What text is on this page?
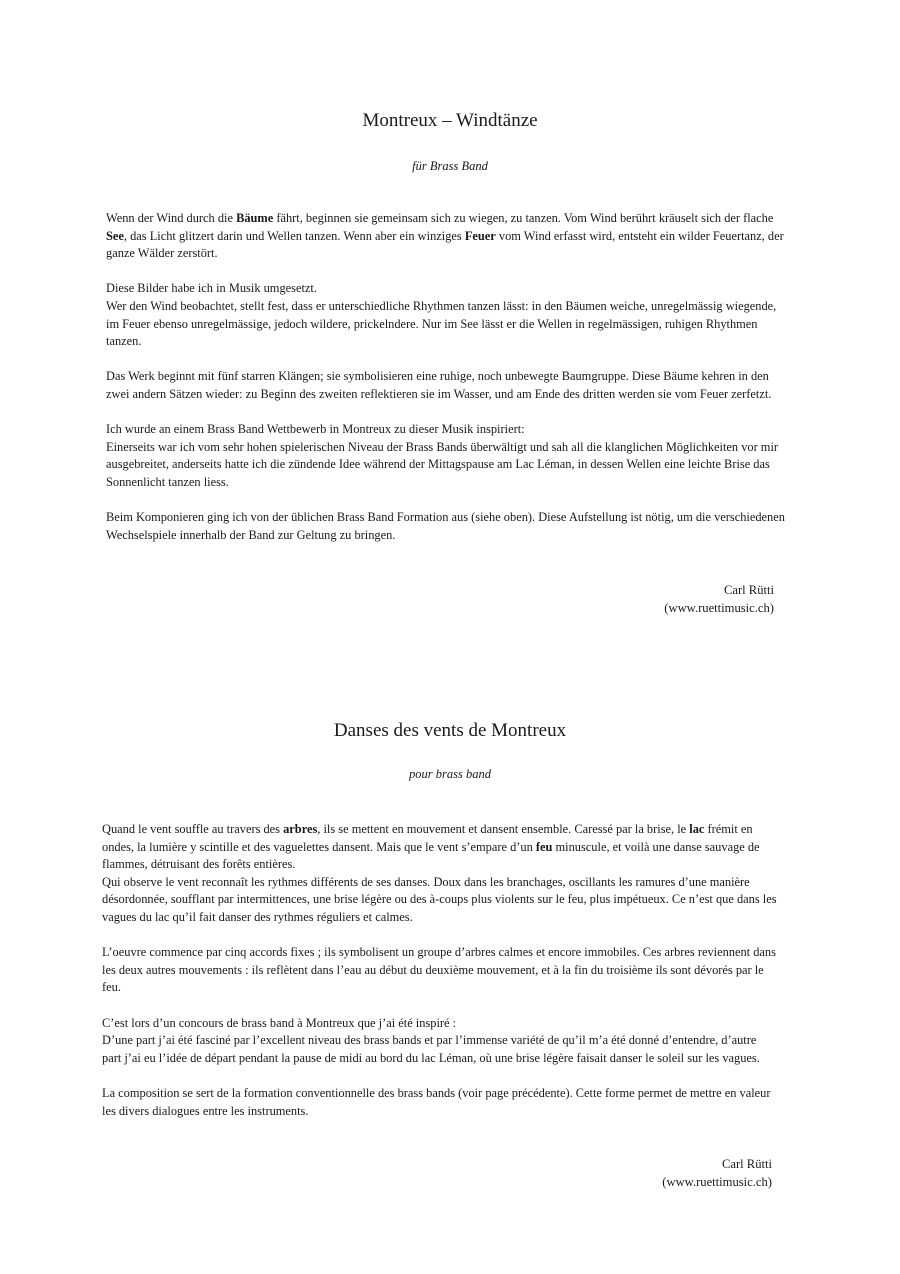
Montreux – Windtänze

für Brass Band

Wenn der Wind durch die Bäume fährt, beginnen sie gemeinsam sich zu wiegen, zu tanzen. Vom Wind berührt kräuselt sich der flache See, das Licht glitzert darin und Wellen tanzen. Wenn aber ein winziges Feuer vom Wind erfasst wird, entsteht ein wilder Feuertanz, der ganze Wälder zerstört.

Diese Bilder habe ich in Musik umgesetzt.
Wer den Wind beobachtet, stellt fest, dass er unterschiedliche Rhythmen tanzen lässt: in den Bäumen weiche, unregelmässig wiegende, im Feuer ebenso unregelmässige, jedoch wildere, prickelndere. Nur im See lässt er die Wellen in regelmässigen, ruhigen Rhythmen tanzen.

Das Werk beginnt mit fünf starren Klängen; sie symbolisieren eine ruhige, noch unbewegte Baumgruppe. Diese Bäume kehren in den zwei andern Sätzen wieder: zu Beginn des zweiten reflektieren sie im Wasser, und am Ende des dritten werden sie vom Feuer zerfetzt.

Ich wurde an einem Brass Band Wettbewerb in Montreux zu dieser Musik inspiriert:
Einerseits war ich vom sehr hohen spielerischen Niveau der Brass Bands überwältigt und sah all die klanglichen Möglichkeiten vor mir ausgebreitet, anderseits hatte ich die zündende Idee während der Mittagspause am Lac Léman, in dessen Wellen eine leichte Brise das Sonnenlicht tanzen liess.

Beim Komponieren ging ich von der üblichen Brass Band Formation aus (siehe oben). Diese Aufstellung ist nötig, um die verschiedenen Wechselspiele innerhalb der Band zur Geltung zu bringen.

Carl Rütti
(www.ruettimusic.ch)
Danses des vents de Montreux

pour brass band

Quand le vent souffle au travers des arbres, ils se mettent en mouvement et dansent ensemble. Caressé par la brise, le lac frémit en ondes, la lumière y scintille et des vaguelettes dansent. Mais que le vent s’empare d’un feu minuscule, et voilà une danse sauvage de flammes, détruisant des forêts entières.
Qui observe le vent reconnaît les rythmes différents de ses danses. Doux dans les branchages, oscillants les ramures d’une manière désordonnée, soufflant par intermittences, une brise légère ou des à-coups plus violents sur le feu, plus impétueux. Ce n’est que dans les vagues du lac qu’il fait danser des rythmes réguliers et calmes.

L’oeuvre commence par cinq accords fixes ; ils symbolisent un groupe d’arbres calmes et encore immobiles. Ces arbres reviennent dans les deux autres mouvements : ils reflètent dans l’eau au début du deuxième mouvement, et à la fin du troisième ils sont dévorés par le feu.

C’est lors d’un concours de brass band à Montreux que j’ai été inspiré :
D’une part j’ai été fasciné par l’excellent niveau des brass bands et par l’immense variété de qu’il m’a été donné d’entendre, d’autre part j’ai eu l’idée de départ pendant la pause de midi au bord du lac Léman, où une brise légère faisait danser le soleil sur les vagues.

La composition se sert de la formation conventionnelle des brass bands (voir page précédente). Cette forme permet de mettre en valeur les divers dialogues entre les instruments.

Carl Rütti
(www.ruettimusic.ch)
